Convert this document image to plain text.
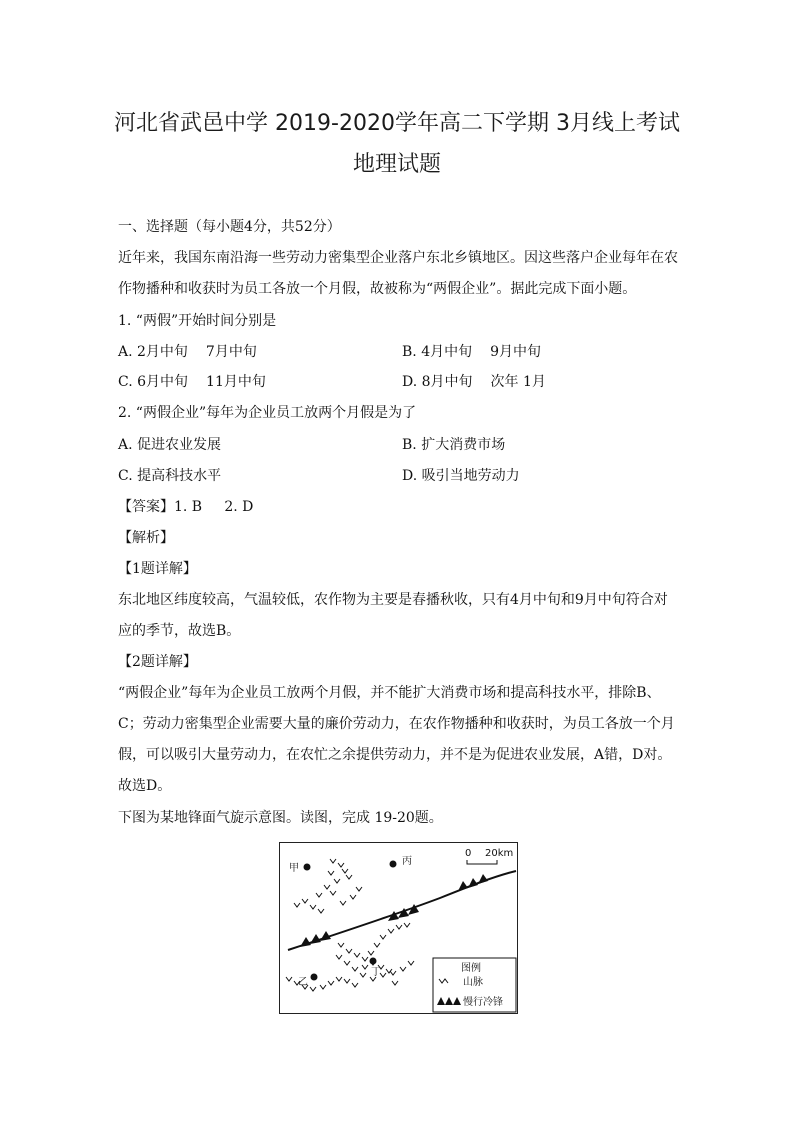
河北省武邑中学 2019-2020学年高二下学期 3月线上考试
地理试题
一、选择题（每小题4分，共52分）
近年来，我国东南沿海一些劳动力密集型企业落户东北乡镇地区。因这些落户企业每年在农
作物播种和收获时为员工各放一个月假，故被称为“两假企业”。据此完成下面小题。
1. “两假”开始时间分别是
A. 2月中旬 7月中旬	B. 4月中旬 9月中旬
C. 6月中旬 11月中旬	D. 8月中旬 次年 1月
2. “两假企业”每年为企业员工放两个月假是为了
A. 促进农业发展	B. 扩大消费市场
C. 提高科技水平	D. 吸引当地劳动力
【答案】1. B     2. D
【解析】
【1题详解】
东北地区纬度较高，气温较低，农作物为主要是春播秋收，只有4月中旬和9月中旬符合对
应的季节，故选B。
【2题详解】
“两假企业”每年为企业员工放两个月假，并不能扩大消费市场和提高科技水平，排除B、
C；劳动力密集型企业需要大量的廉价劳动力，在农作物播种和收获时，为员工各放一个月
假，可以吸引大量劳动力，在农忙之余提供劳动力，并不是为促进农业发展，A错，D对。
故选D。
下图为某地锋面气旋示意图。读图，完成 19-20题。
甲
丙
乙
丁
0 20km
图例
山脉
慢行冷锋
